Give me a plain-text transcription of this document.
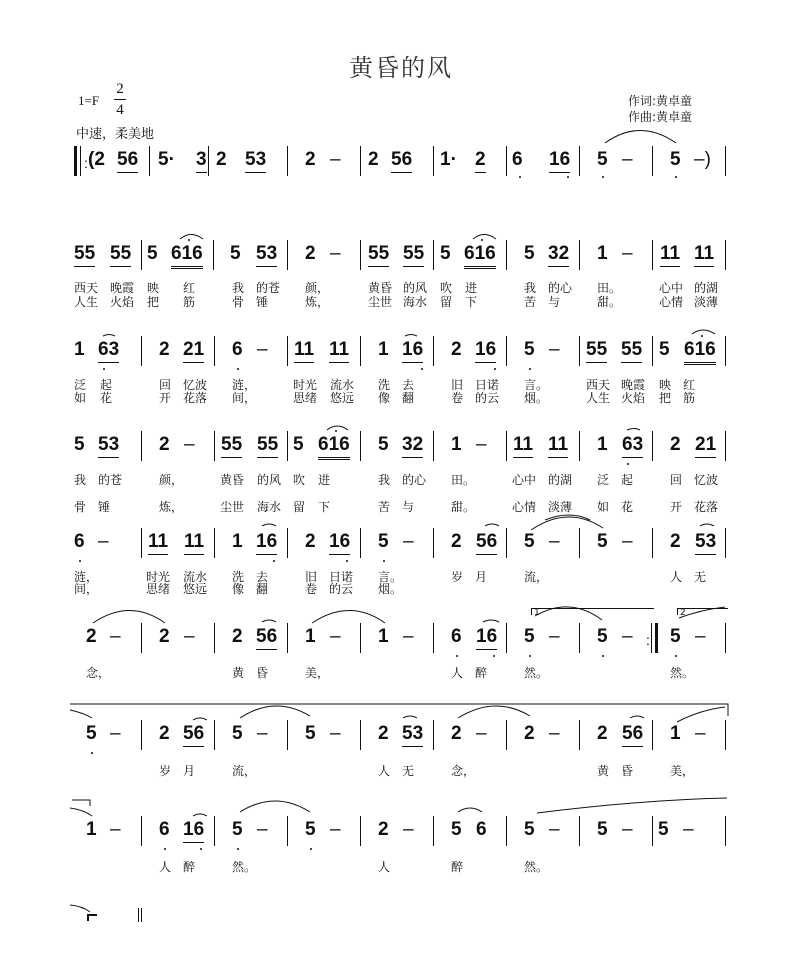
黄昏的风
1=F
2
4
中速，柔美地
作词:黄卓童
作曲:黄卓童
: (2 56 5· 3 2 53 2 – 2 56 1· 2 6 16 5 – 5 –)
55 55 5 616 5 53 2 – 55 55 5 616 5 32 1 – 11 11
西天 晚霞 映 红	我 的苍 颜，	黄昏 的风 吹 进	我 的心 田。	心中 的湖
人生 火焰 把 筋	骨 锤	炼，	尘世 海水 留 下	苦 与	甜。	心情 淡薄
1 63 2 21 6 – 11 11 1 16 2 16 5 – 55 55 5 616
泛 起	回 忆波 涟，	时光 流水 洗 去	旧 日诺 言。	西天 晚霞 映 红
如 花	开 花落 间，	思绪 悠远 像 翻	卷 的云 烟。	人生 火焰 把 筋
5 53 2 – 55 55 5 616 5 32 1 – 11 11 1 63 2 21
我 的苍	颜，	黄昏 的风 吹 进	我 的心 田。	心中 的湖 泛 起	回 忆波
骨 锤	炼，	尘世 海水 留 下	苦 与	甜。	心情 淡薄 如 花	开 花落
6 – 11 11 1 16 2 16 5 – 2 56 5 – 5 – 2 53
涟，	时光 流水 洗 去	旧 日诺 言。	岁 月	流，	人 无
间，	思绪 悠远 像 翻	卷 的云 烟。
1	2
2 – 2 – 2 56 1 – 1 – 6 16 5 – 5 – : 5 –
念，	黄 昏	美，	人 醉	然。	然。
5 – 2 56 5 – 5 – 2 53 2 – 2 – 2 56 1 –
岁 月	流，	人 无	念，	黄 昏	美，
1 – 6 16 5 – 5 – 2 – 5 6 5 – 5 – 5 –
人 醉	然。	人	醉	然。
